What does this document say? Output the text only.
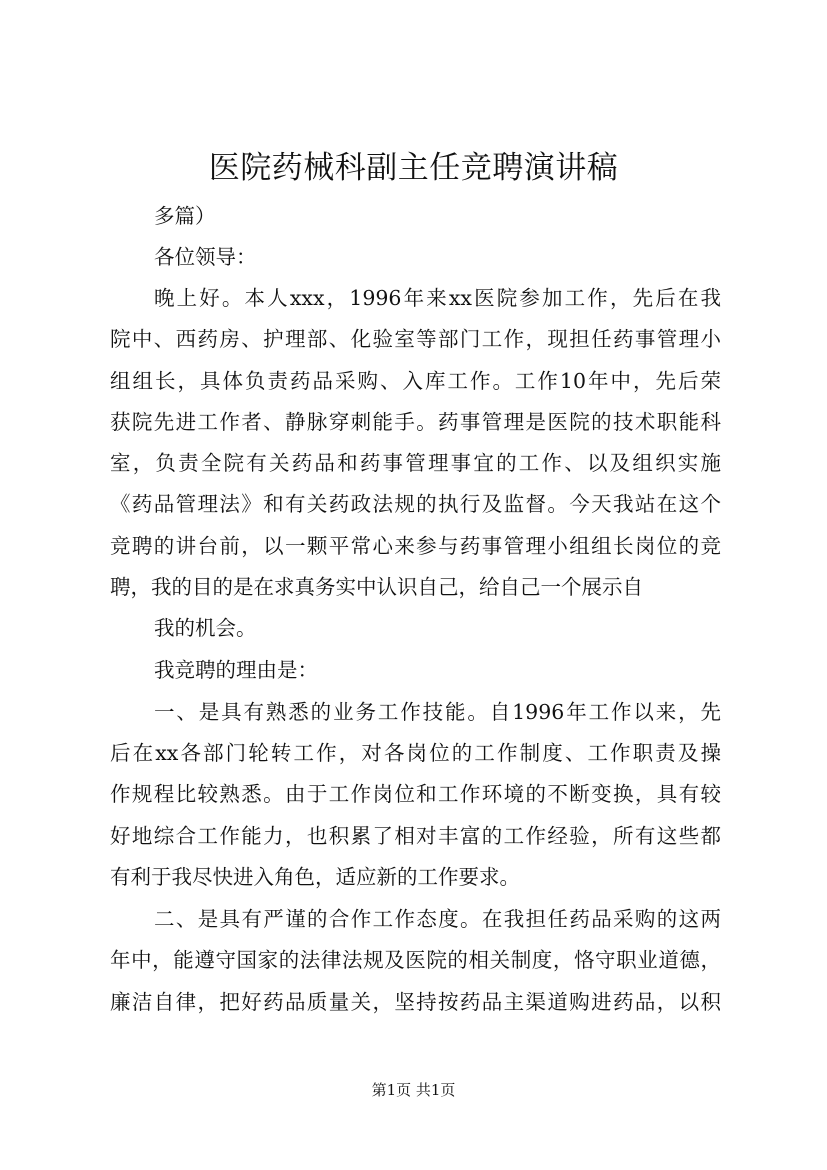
医院药械科副主任竞聘演讲稿
多篇）
各位领导：
晚上好。本人xxx，1996年来xx医院参加工作，先后在我
院中、西药房、护理部、化验室等部门工作，现担任药事管理小
组组长，具体负责药品采购、入库工作。工作10年中，先后荣
获院先进工作者、静脉穿刺能手。药事管理是医院的技术职能科
室，负责全院有关药品和药事管理事宜的工作、以及组织实施
《药品管理法》和有关药政法规的执行及监督。今天我站在这个
竞聘的讲台前，以一颗平常心来参与药事管理小组组长岗位的竞
聘，我的目的是在求真务实中认识自己，给自己一个展示自
我的机会。
我竞聘的理由是：
一、是具有熟悉的业务工作技能。自1996年工作以来，先
后在xx各部门轮转工作，对各岗位的工作制度、工作职责及操
作规程比较熟悉。由于工作岗位和工作环境的不断变换，具有较
好地综合工作能力，也积累了相对丰富的工作经验，所有这些都
有利于我尽快进入角色，适应新的工作要求。
二、是具有严谨的合作工作态度。在我担任药品采购的这两
年中，能遵守国家的法律法规及医院的相关制度，恪守职业道德，
廉洁自律，把好药品质量关，坚持按药品主渠道购进药品，以积
第1页 共1页
